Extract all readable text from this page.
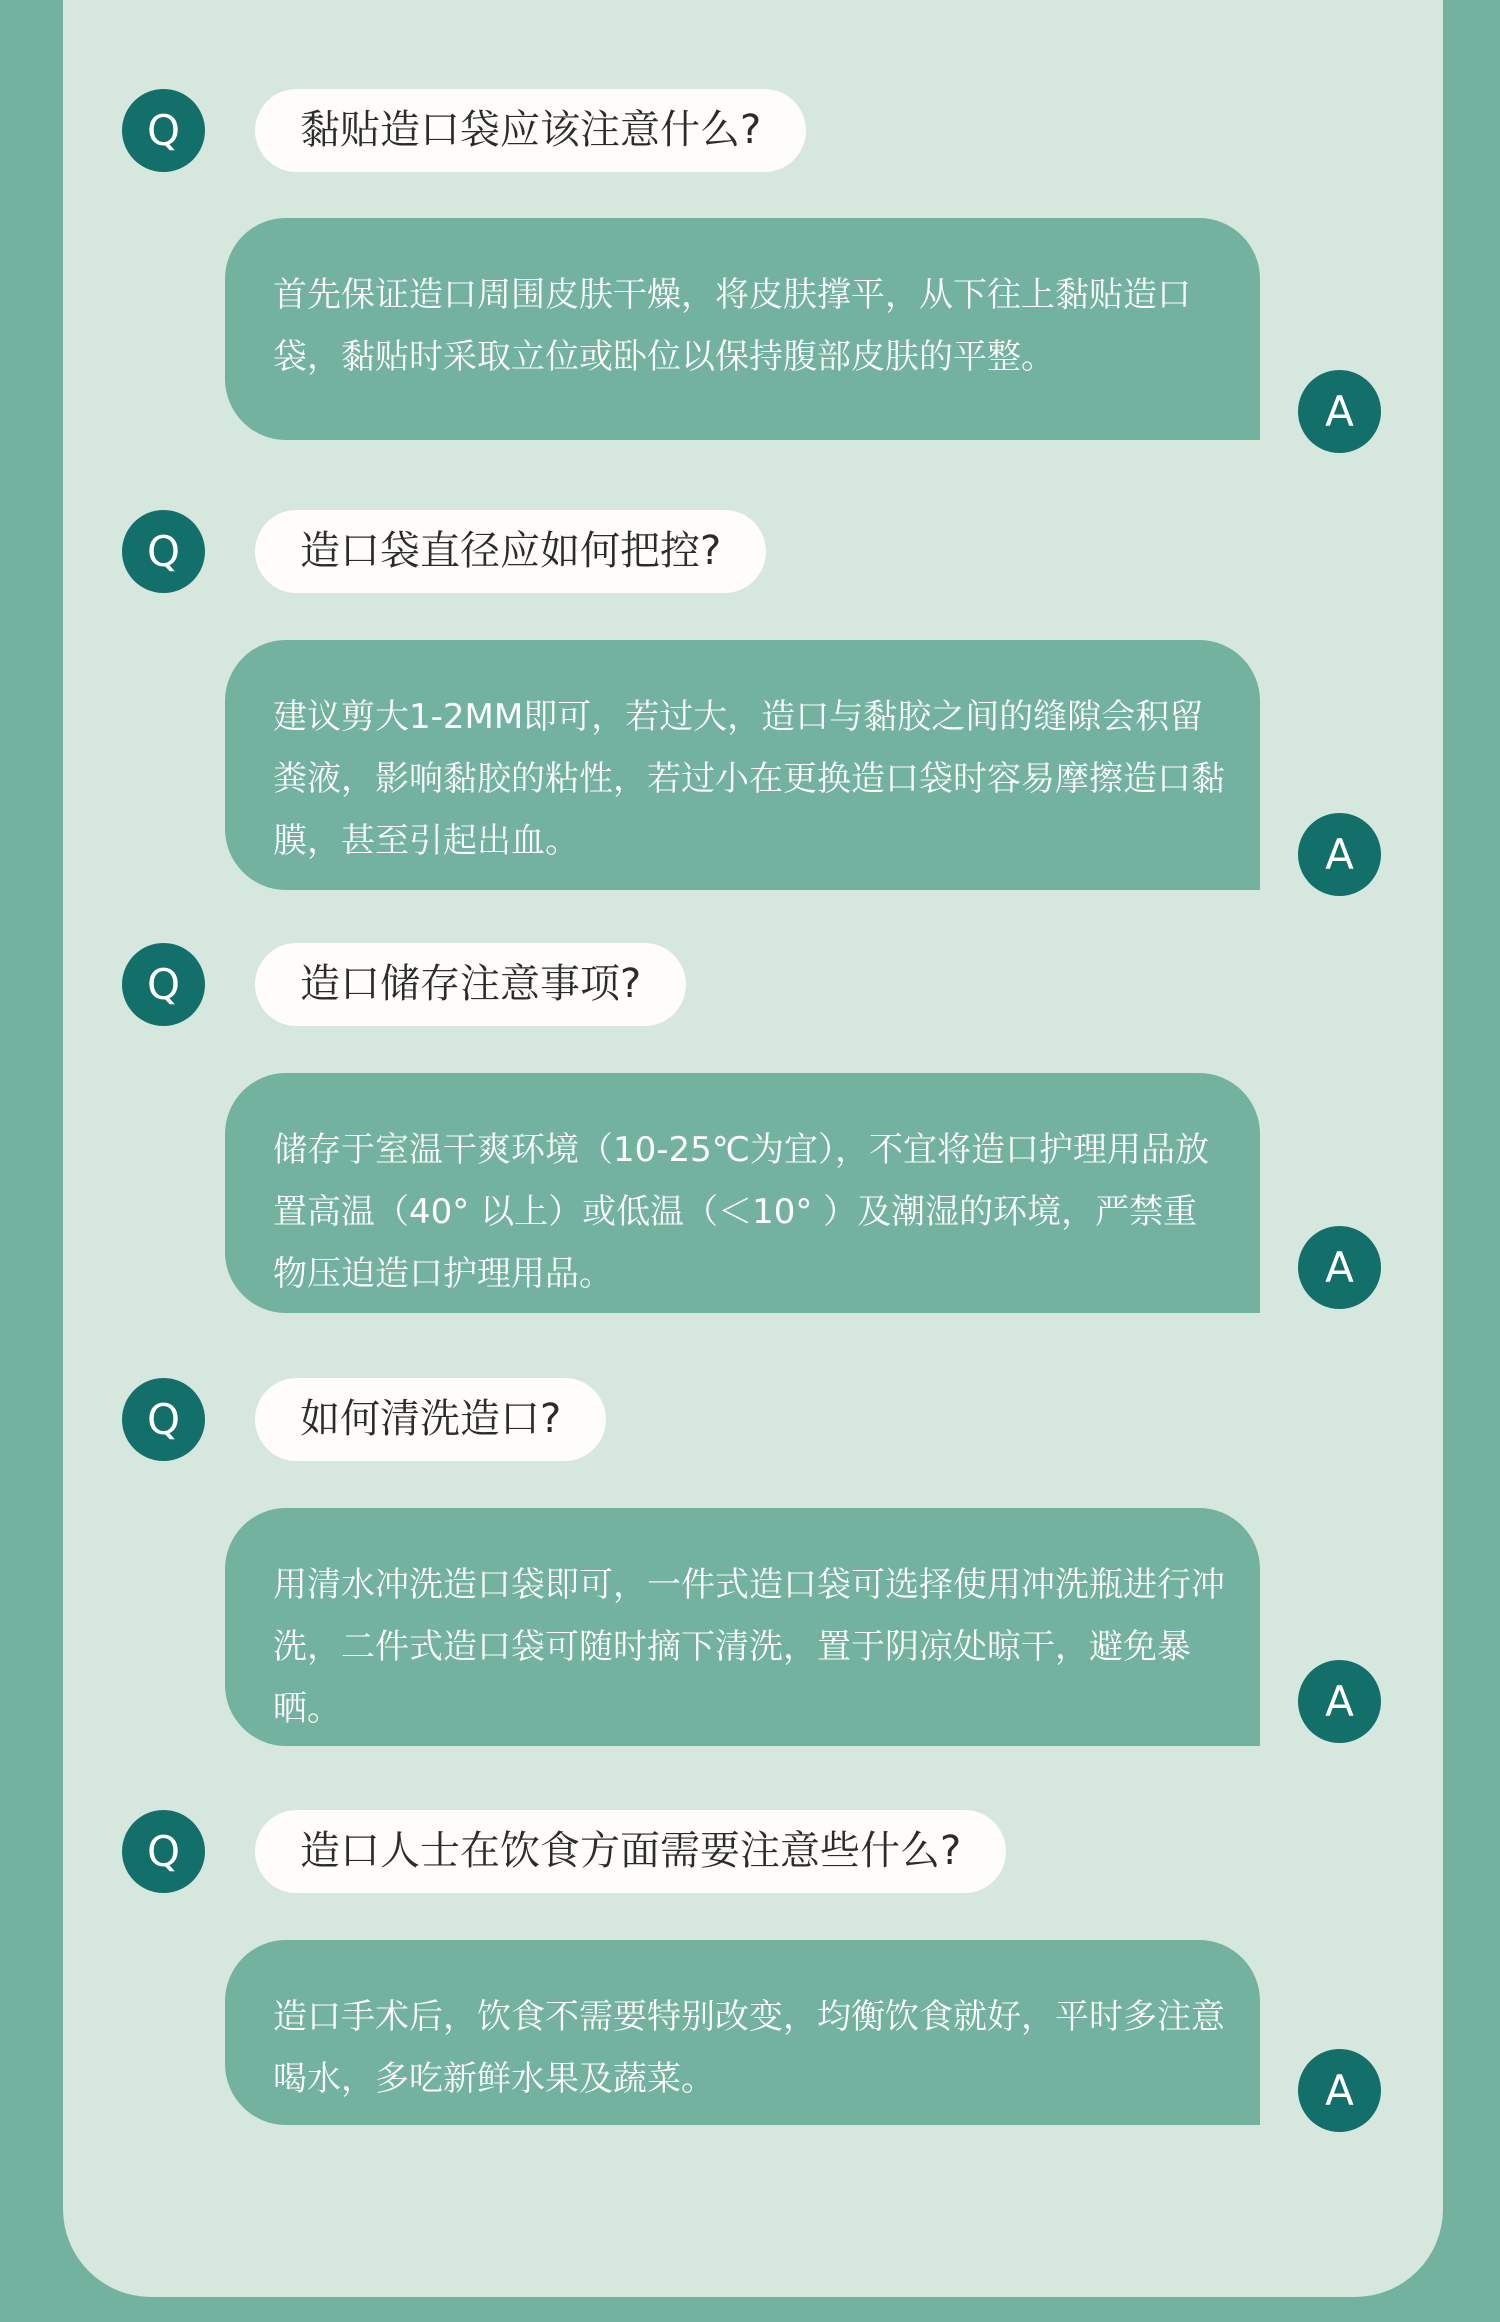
Q	黏贴造口袋应该注意什么?
首先保证造口周围皮肤干燥，将皮肤撑平，从下往上黏贴造口袋，黏贴时采取立位或卧位以保持腹部皮肤的平整。
A
Q	造口袋直径应如何把控?
建议剪大1-2MM即可，若过大，造口与黏胶之间的缝隙会积留粪液，影响黏胶的粘性，若过小在更换造口袋时容易摩擦造口黏膜，甚至引起出血。	A
Q	造口储存注意事项?
储存于室温干爽环境（10-25℃为宜），不宜将造口护理用品放置高温（40° 以上）或低温（＜10° ）及潮湿的环境，严禁重物压迫造口护理用品。	A
Q	如何清洗造口?
用清水冲洗造口袋即可，一件式造口袋可选择使用冲洗瓶进行冲洗，二件式造口袋可随时摘下清洗，置于阴凉处晾干，避免暴晒。	A
Q	造口人士在饮食方面需要注意些什么?
造口手术后，饮食不需要特别改变，均衡饮食就好，平时多注意喝水，多吃新鲜水果及蔬菜。	A
